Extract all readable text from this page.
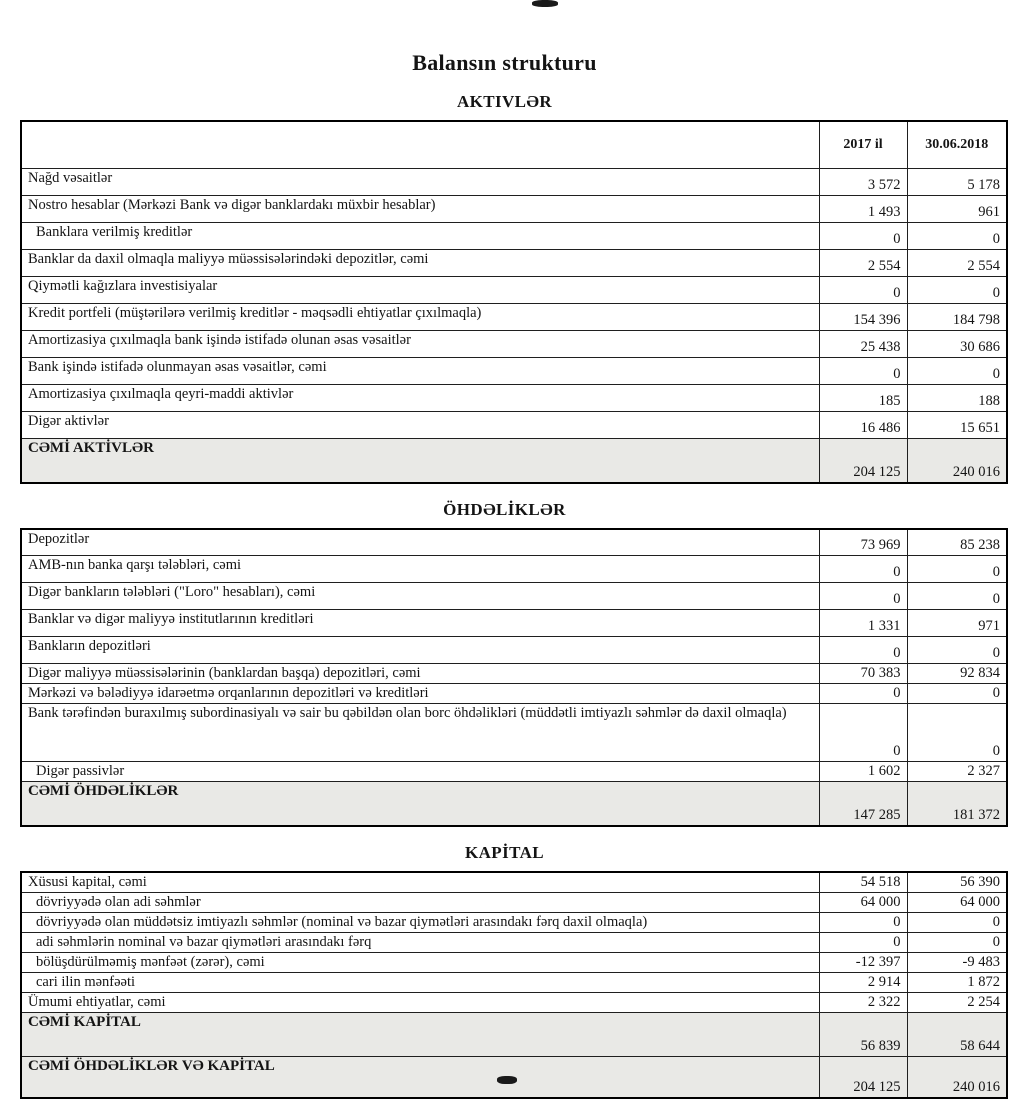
Balansın strukturu
AKTIVLƏR
	2017 il	30.06.2018
Nağd vəsaitlər	3 572	5 178
Nostro hesablar (Mərkəzi Bank və digər banklardakı müxbir hesablar)	1 493	961
Banklara verilmiş kreditlər	0	0
Banklar da daxil olmaqla maliyyə müəssisələrindəki depozitlər, cəmi	2 554	2 554
Qiymətli kağızlara investisiyalar	0	0
Kredit portfeli (müştərilərə verilmiş kreditlər - məqsədli ehtiyatlar çıxılmaqla)	154 396	184 798
Amortizasiya çıxılmaqla bank işində istifadə olunan əsas vəsaitlər	25 438	30 686
Bank işində istifadə olunmayan əsas vəsaitlər, cəmi	0	0
Amortizasiya çıxılmaqla qeyri-maddi aktivlər	185	188
Digər aktivlər	16 486	15 651
CƏMİ AKTİVLƏR	204 125	240 016
ÖHDƏLİKLƏR
Depozitlər	73 969	85 238
AMB-nın banka qarşı tələbləri, cəmi	0	0
Digər bankların tələbləri ("Loro" hesabları), cəmi	0	0
Banklar və digər maliyyə institutlarının kreditləri	1 331	971
Bankların depozitləri	0	0
Digər maliyyə müəssisələrinin (banklardan başqa) depozitləri, cəmi	70 383	92 834
Mərkəzi və bələdiyyə idarəetmə orqanlarının depozitləri və kreditləri	0	0
Bank tərəfindən buraxılmış subordinasiyalı və sair bu qəbildən olan borc öhdəlikləri (müddətli imtiyazlı səhmlər də daxil olmaqla)	0	0
Digər passivlər	1 602	2 327
CƏMİ ÖHDƏLİKLƏR	147 285	181 372
KAPİTAL
Xüsusi kapital, cəmi	54 518	56 390
dövriyyədə olan adi səhmlər	64 000	64 000
dövriyyədə olan müddətsiz imtiyazlı səhmlər (nominal və bazar qiymətləri arasındakı fərq daxil olmaqla)	0	0
adi səhmlərin nominal və bazar qiymətləri arasındakı fərq	0	0
bölüşdürülməmiş mənfəət (zərər), cəmi	-12 397	-9 483
cari ilin mənfəəti	2 914	1 872
Ümumi ehtiyatlar, cəmi	2 322	2 254
CƏMİ KAPİTAL	56 839	58 644
CƏMİ ÖHDƏLİKLƏR VƏ KAPİTAL	204 125	240 016
